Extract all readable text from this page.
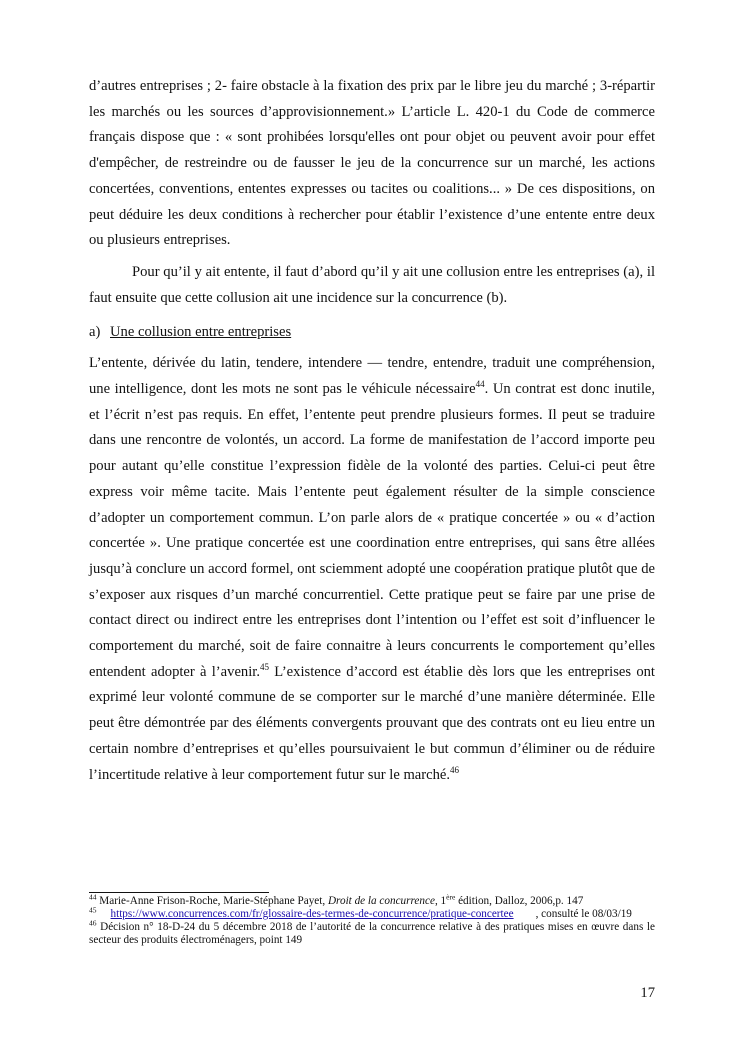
d’autres entreprises ; 2- faire obstacle à la fixation des prix par le libre jeu du marché ; 3-répartir les marchés ou les sources d’approvisionnement.» L’article L. 420-1 du Code de commerce français dispose que : « sont prohibées lorsqu'elles ont pour objet ou peuvent avoir pour effet d'empêcher, de restreindre ou de fausser le jeu de la concurrence sur un marché, les actions concertées, conventions, ententes expresses ou tacites ou coalitions... » De ces dispositions, on peut déduire les deux conditions à rechercher pour établir l’existence d’une entente entre deux ou plusieurs entreprises.

Pour qu’il y ait entente, il faut d’abord qu’il y ait une collusion entre les entreprises (a), il faut ensuite que cette collusion ait une incidence sur la concurrence (b).

a) Une collusion entre entreprises

L’entente, dérivée du latin, tendere, intendere — tendre, entendre, traduit une compréhension, une intelligence, dont les mots ne sont pas le véhicule nécessaire$^{44}$. Un contrat est donc inutile, et l’écrit n’est pas requis. En effet, l’entente peut prendre plusieurs formes. Il peut se traduire dans une rencontre de volontés, un accord. La forme de manifestation de l’accord importe peu pour autant qu’elle constitue l’expression fidèle de la volonté des parties. Celui-ci peut être express voir même tacite. Mais l’entente peut également résulter de la simple conscience d’adopter un comportement commun. L’on parle alors de « pratique concertée » ou « d’action concertée ». Une pratique concertée est une coordination entre entreprises, qui sans être allées jusqu’à conclure un accord formel, ont sciemment adopté une coopération pratique plutôt que de s’exposer aux risques d’un marché concurrentiel. Cette pratique peut se faire par une prise de contact direct ou indirect entre les entreprises dont l’intention ou l’effet est soit d’influencer le comportement du marché, soit de faire connaitre à leurs concurrents le comportement qu’elles entendent adopter à l’avenir.$^{45}$ L’existence d’accord est établie dès lors que les entreprises ont exprimé leur volonté commune de se comporter sur le marché d’une manière déterminée. Elle peut être démontrée par des éléments convergents prouvant que des contrats ont eu lieu entre un certain nombre d’entreprises et qu’elles poursuivaient le but commun d’éliminer ou de réduire l’incertitude relative à leur comportement futur sur le marché.$^{46}$

$^{44}$ Marie-Anne Frison-Roche, Marie-Stéphane Payet, Droit de la concurrence, 1ère édition, Dalloz, 2006,p. 147

$^{45}$ https://www.concurrences.com/fr/glossaire-des-termes-de-concurrence/pratique-concertee , consulté le 08/03/19

$^{46}$ Décision n° 18-D-24 du 5 décembre 2018 de l’autorité de la concurrence relative à des pratiques mises en œuvre dans le secteur des produits électroménagers, point 149

17
